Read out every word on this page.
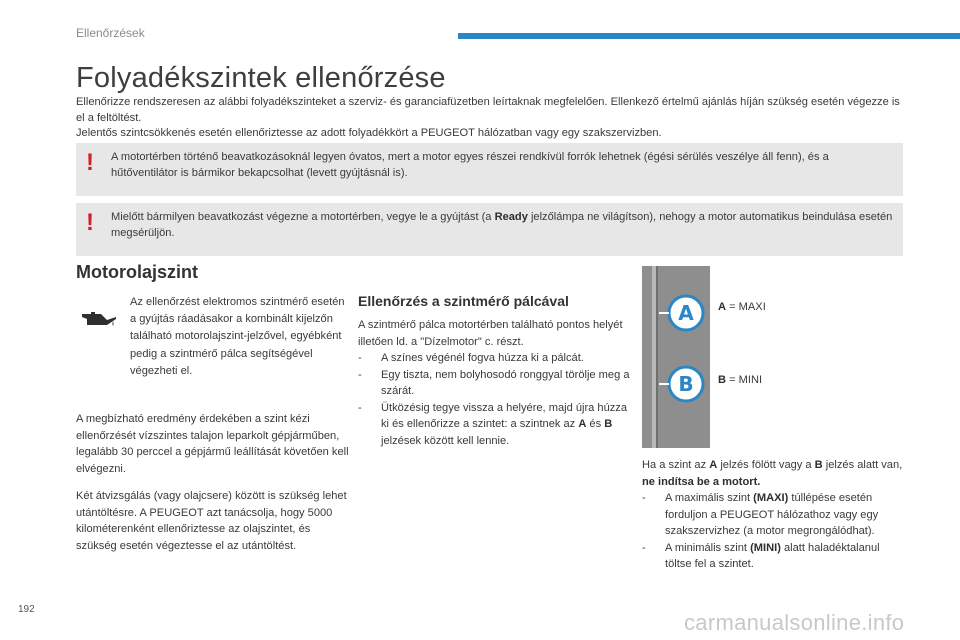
Ellenőrzések
Folyadékszintek ellenőrzése

Ellenőrizze rendszeresen az alábbi folyadékszinteket a szerviz- és garanciafüzetben leírtaknak megfelelően. Ellenkező értelmű ajánlás híján szükség esetén végezze is el a feltöltést.

Jelentős szintcsökkenés esetén ellenőriztesse az adott folyadékkört a PEUGEOT hálózatban vagy egy szakszervizben.

! A motortérben történő beavatkozásoknál legyen óvatos, mert a motor egyes részei rendkívül forrók lehetnek (égési sérülés veszélye áll fenn), és a hűtőventilátor is bármikor bekapcsolhat (levett gyújtásnál is).
! Mielőtt bármilyen beavatkozást végezne a motortérben, vegye le a gyújtást (a Ready jelzőlámpa ne világítson), nehogy a motor automatikus beindulása esetén megsérüljön.
Motorolajszint
Az ellenőrzést elektromos szintmérő esetén a gyújtás ráadásakor a kombinált kijelzőn található motorolajszint-jelzővel, egyébként pedig a szintmérő pálca segítségével végezheti el.
A megbízható eredmény érdekében a szint kézi ellenőrzését vízszintes talajon leparkolt gépjárműben, legalább 30 perccel a gépjármű leállítását követően kell elvégezni.
Két átvizsgálás (vagy olajcsere) között is szükség lehet utántöltésre. A PEUGEOT azt tanácsolja, hogy 5000 kilométerenként ellenőriztesse az olajszintet, és szükség esetén végeztesse el az utántöltést.
Ellenőrzés a szintmérő pálcával

A szintmérő pálca motortérben található pontos helyét illetően ld. a "Dízelmotor" c. részt.

- A színes végénél fogva húzza ki a pálcát.
- Egy tiszta, nem bolyhosodó ronggyal törölje meg a szárát.
- Ütközésig tegye vissza a helyére, majd újra húzza ki és ellenőrizze a szintet: a szintnek az A és B jelzések között kell lennie.
A
B
A = MAXI
B = MINI

Ha a szint az A jelzés fölött vagy a B jelzés alatt van, ne indítsa be a motort.

- A maximális szint (MAXI) túllépése esetén forduljon a PEUGEOT hálózathoz vagy egy szakszervizhez (a motor megrongálódhat).
- A minimális szint (MINI) alatt haladéktalanul töltse fel a szintet.
192
carmanualsonline.info
